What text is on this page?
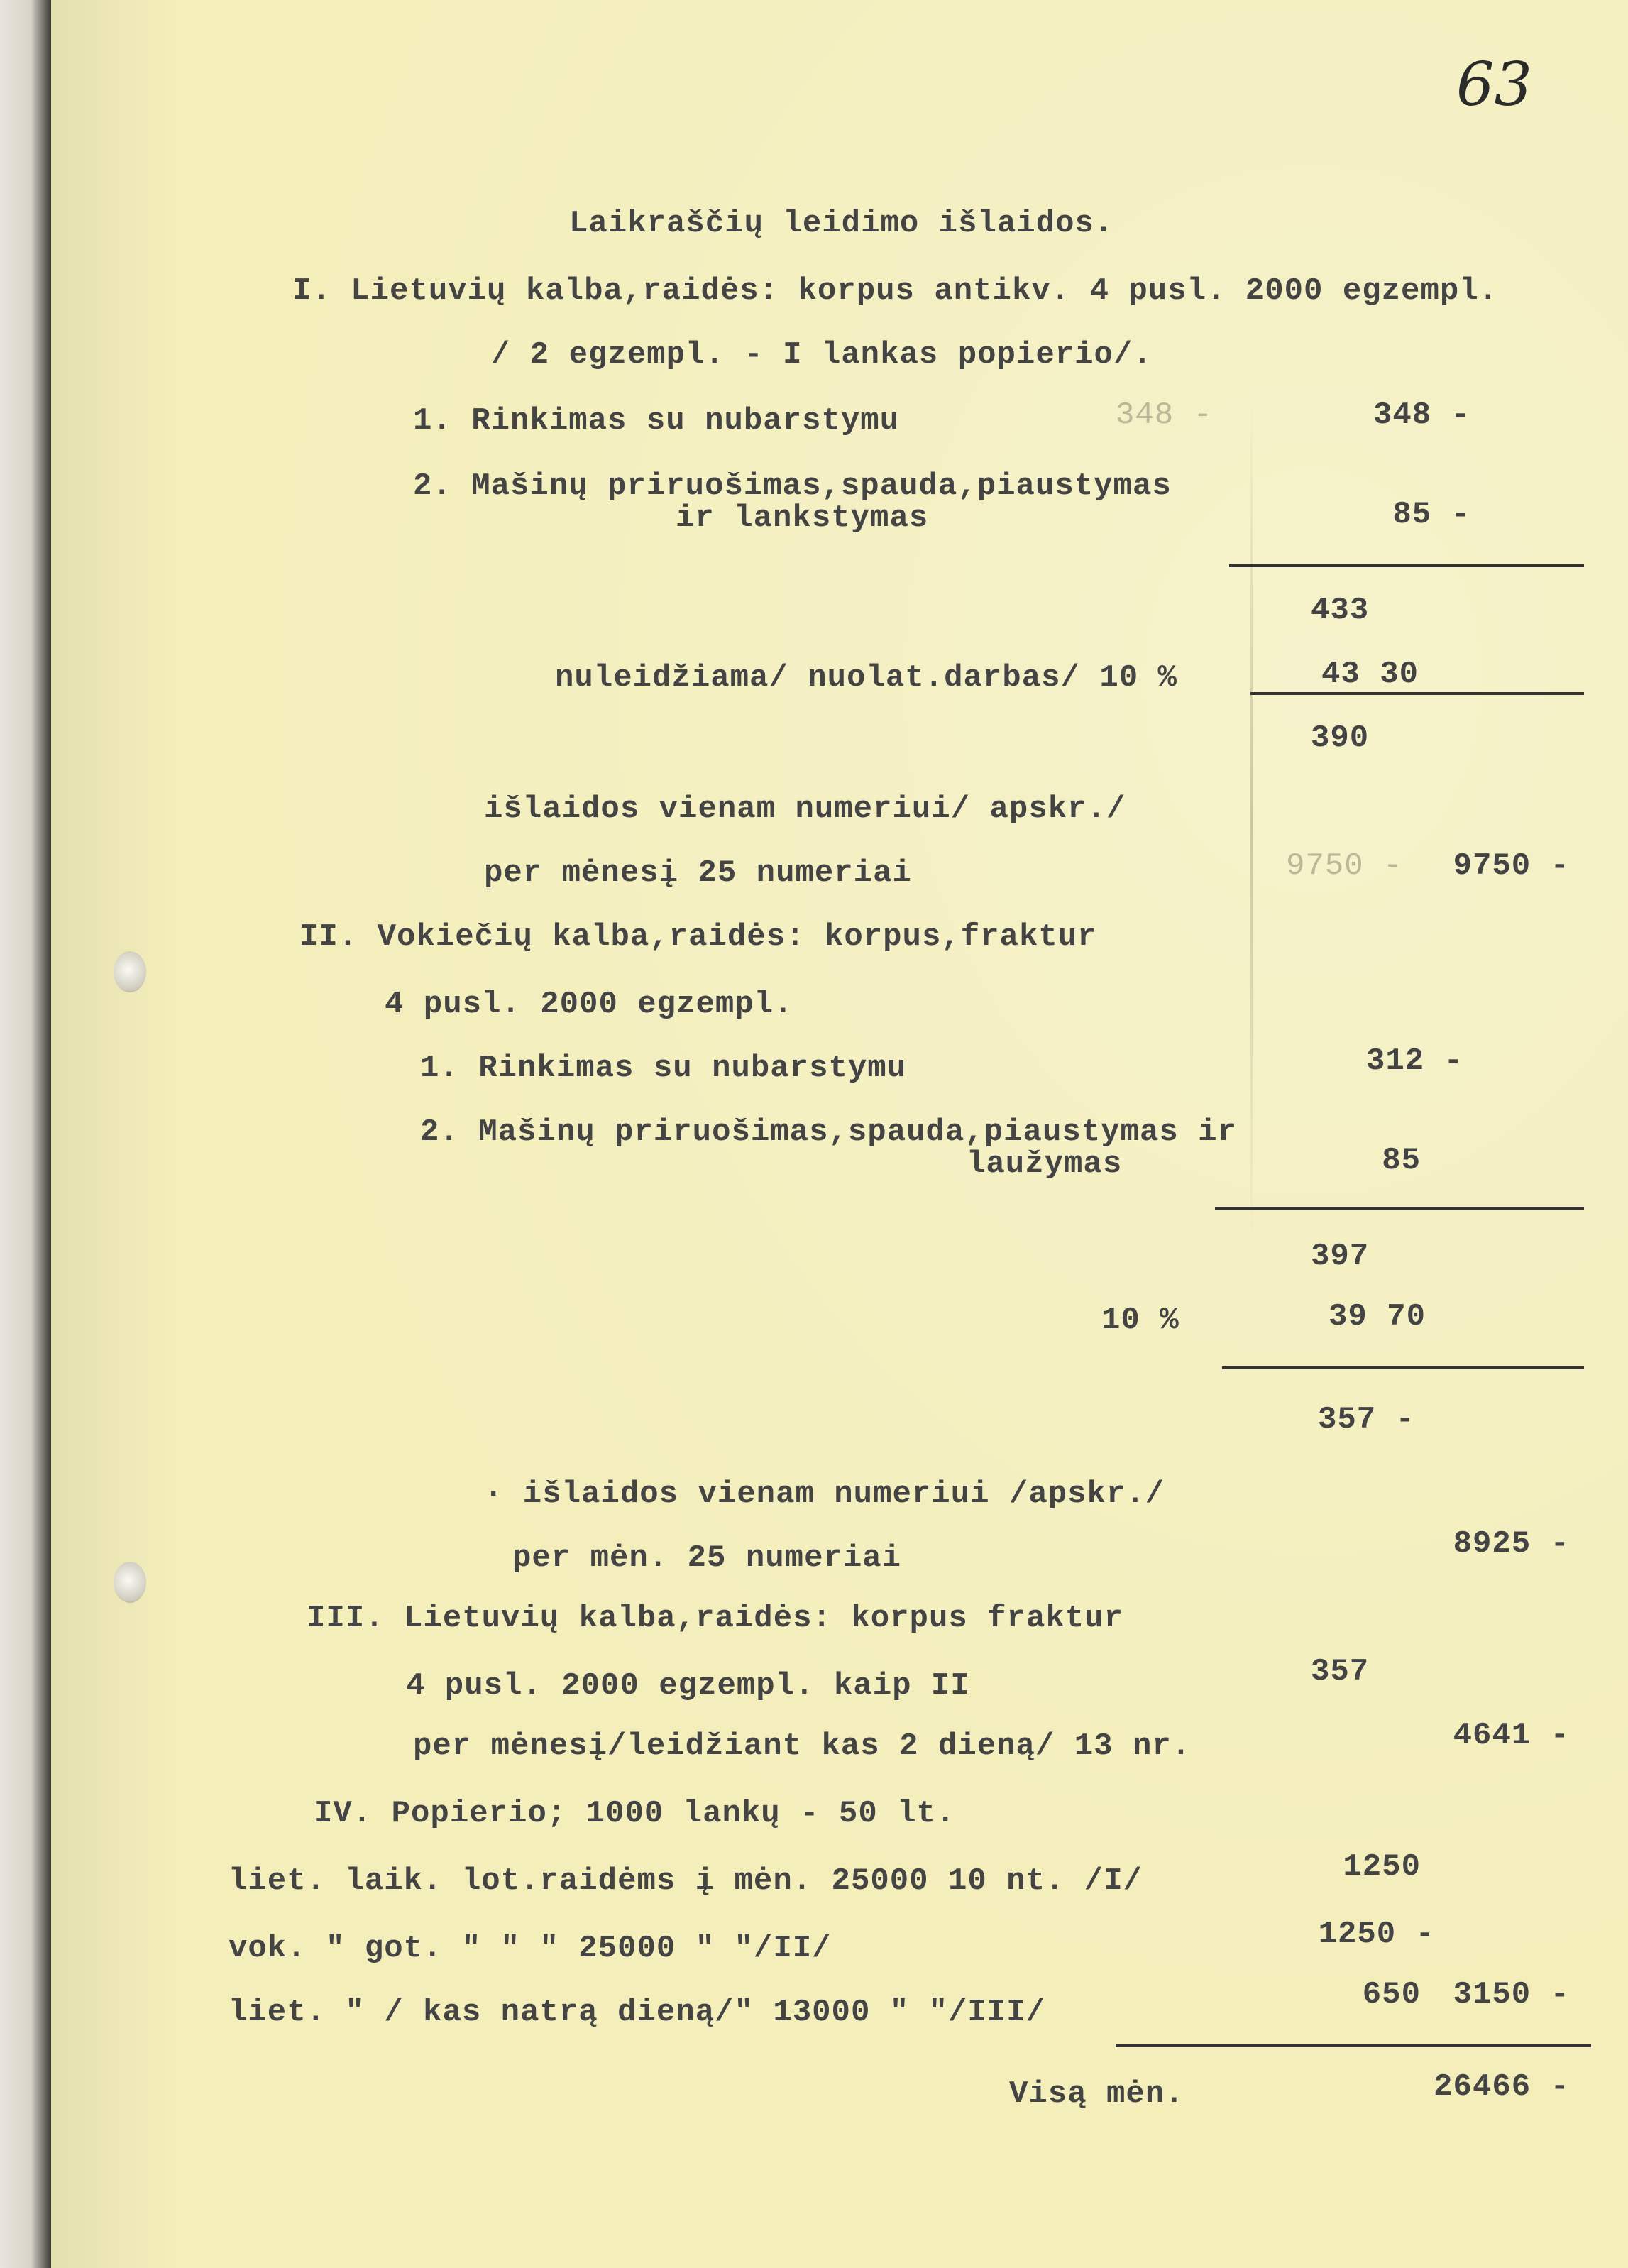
63
Laikraščių leidimo išlaidos.
I. Lietuvių kalba,raidės: korpus antikv. 4 pusl. 2000 egzempl.
/ 2 egzempl. - I lankas popierio/.
1. Rinkimas su nubarstymu	348 -	348 -
2. Mašinų priruošimas,spauda,piaustymas
ir lankstymas	85 -
433
nuleidžiama/ nuolat.darbas/ 10 %	43 30
390
išlaidos vienam numeriui/ apskr./
per mėnesį 25 numeriai	9750 -	9750 -
II. Vokiečių kalba,raidės: korpus,fraktur
4 pusl. 2000 egzempl.
1. Rinkimas su nubarstymu	312 -
2. Mašinų priruošimas,spauda,piaustymas ir
laužymas	85
397
10 %	39 70
357 -
· išlaidos vienam numeriui /apskr./
per mėn. 25 numeriai	8925 -
III. Lietuvių kalba,raidės: korpus fraktur
4 pusl. 2000 egzempl. kaip II	357
per mėnesį/leidžiant kas 2 dieną/ 13 nr.	4641 -
IV. Popierio; 1000 lankų - 50 lt.
liet. laik. lot.raidėms į mėn. 25000 10 nt. /I/	1250
vok. " got. " " " 25000 " "/II/	1250 -
liet. " / kas natrą dieną/" 13000 " "/III/	650	3150 -
Visą mėn.	26466 -
